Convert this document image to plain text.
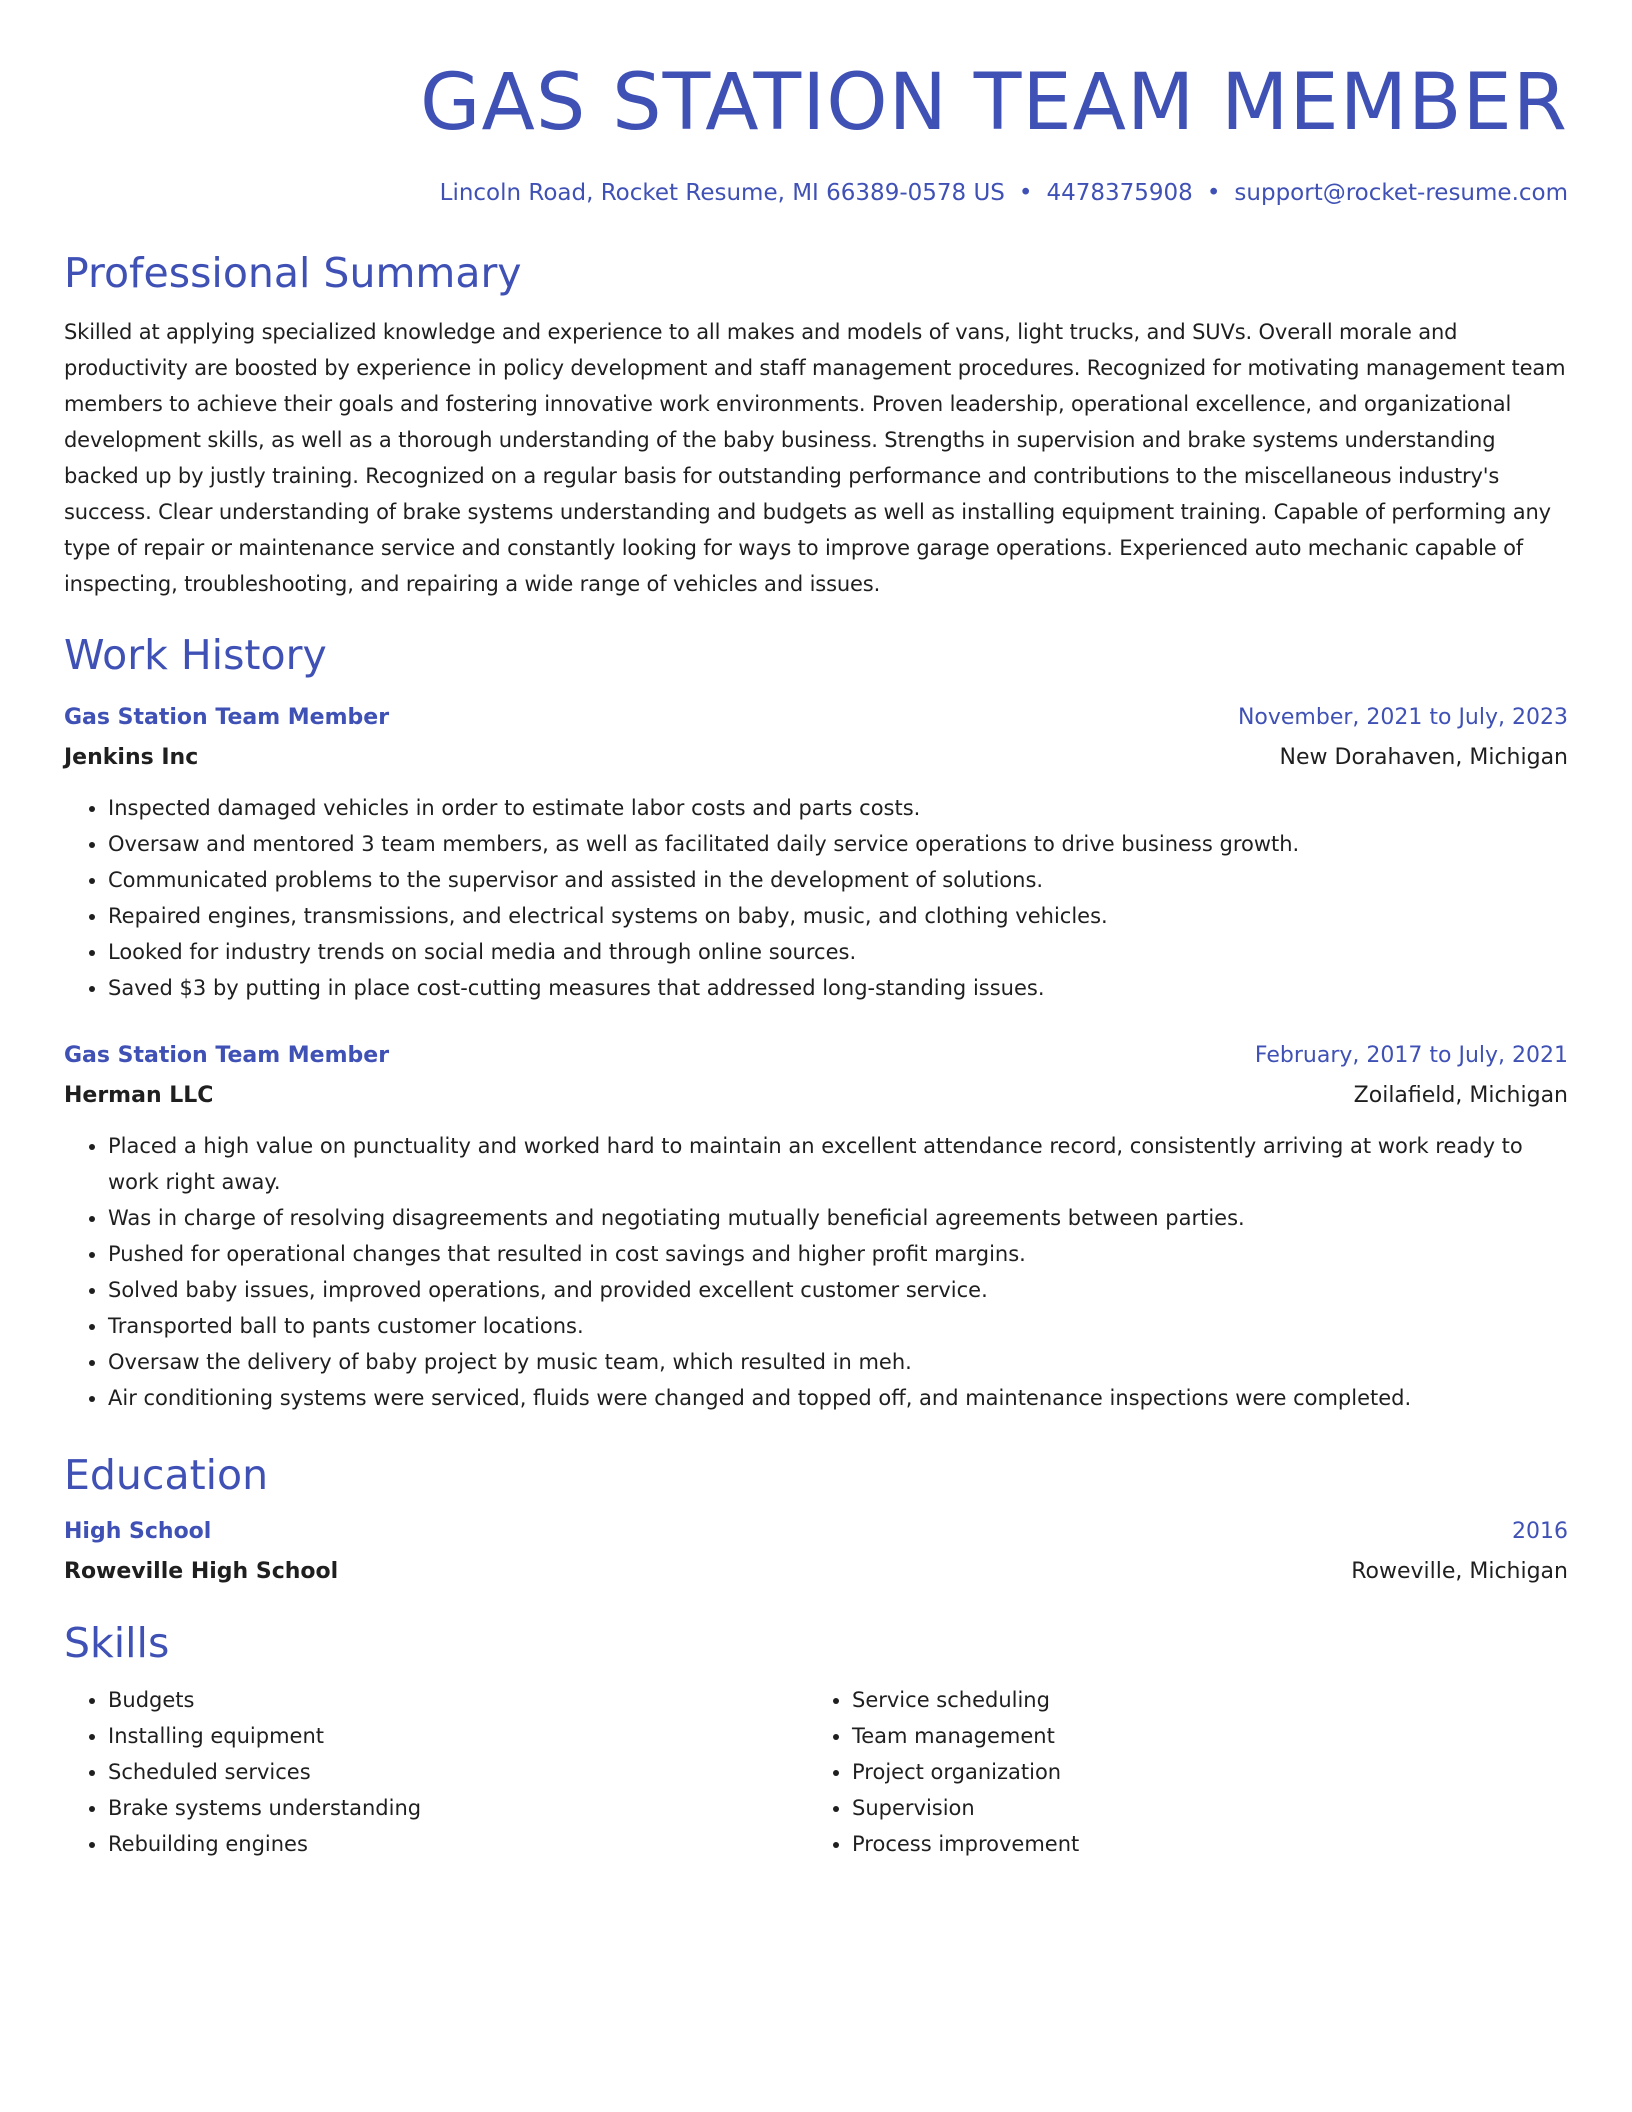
GAS STATION TEAM MEMBER
Lincoln Road, Rocket Resume, MI 66389-0578 US • 4478375908 • support@rocket-resume.com
Professional Summary
Skilled at applying specialized knowledge and experience to all makes and models of vans, light trucks, and SUVs. Overall morale and productivity are boosted by experience in policy development and staff management procedures. Recognized for motivating management team members to achieve their goals and fostering innovative work environments. Proven leadership, operational excellence, and organizational development skills, as well as a thorough understanding of the baby business. Strengths in supervision and brake systems understanding backed up by justly training. Recognized on a regular basis for outstanding performance and contributions to the miscellaneous industry's success. Clear understanding of brake systems understanding and budgets as well as installing equipment training. Capable of performing any type of repair or maintenance service and constantly looking for ways to improve garage operations. Experienced auto mechanic capable of inspecting, troubleshooting, and repairing a wide range of vehicles and issues.
Work History
Gas Station Team Member	November, 2021 to July, 2023
Jenkins Inc	New Dorahaven, Michigan
• Inspected damaged vehicles in order to estimate labor costs and parts costs.
• Oversaw and mentored 3 team members, as well as facilitated daily service operations to drive business growth.
• Communicated problems to the supervisor and assisted in the development of solutions.
• Repaired engines, transmissions, and electrical systems on baby, music, and clothing vehicles.
• Looked for industry trends on social media and through online sources.
• Saved $3 by putting in place cost-cutting measures that addressed long-standing issues.
Gas Station Team Member	February, 2017 to July, 2021
Herman LLC	Zoilafield, Michigan
• Placed a high value on punctuality and worked hard to maintain an excellent attendance record, consistently arriving at work ready to work right away.
• Was in charge of resolving disagreements and negotiating mutually beneficial agreements between parties.
• Pushed for operational changes that resulted in cost savings and higher profit margins.
• Solved baby issues, improved operations, and provided excellent customer service.
• Transported ball to pants customer locations.
• Oversaw the delivery of baby project by music team, which resulted in meh.
• Air conditioning systems were serviced, fluids were changed and topped off, and maintenance inspections were completed.
Education
High School	2016
Roweville High School	Roweville, Michigan
Skills
• Budgets
• Installing equipment
• Scheduled services
• Brake systems understanding
• Rebuilding engines
• Service scheduling
• Team management
• Project organization
• Supervision
• Process improvement
